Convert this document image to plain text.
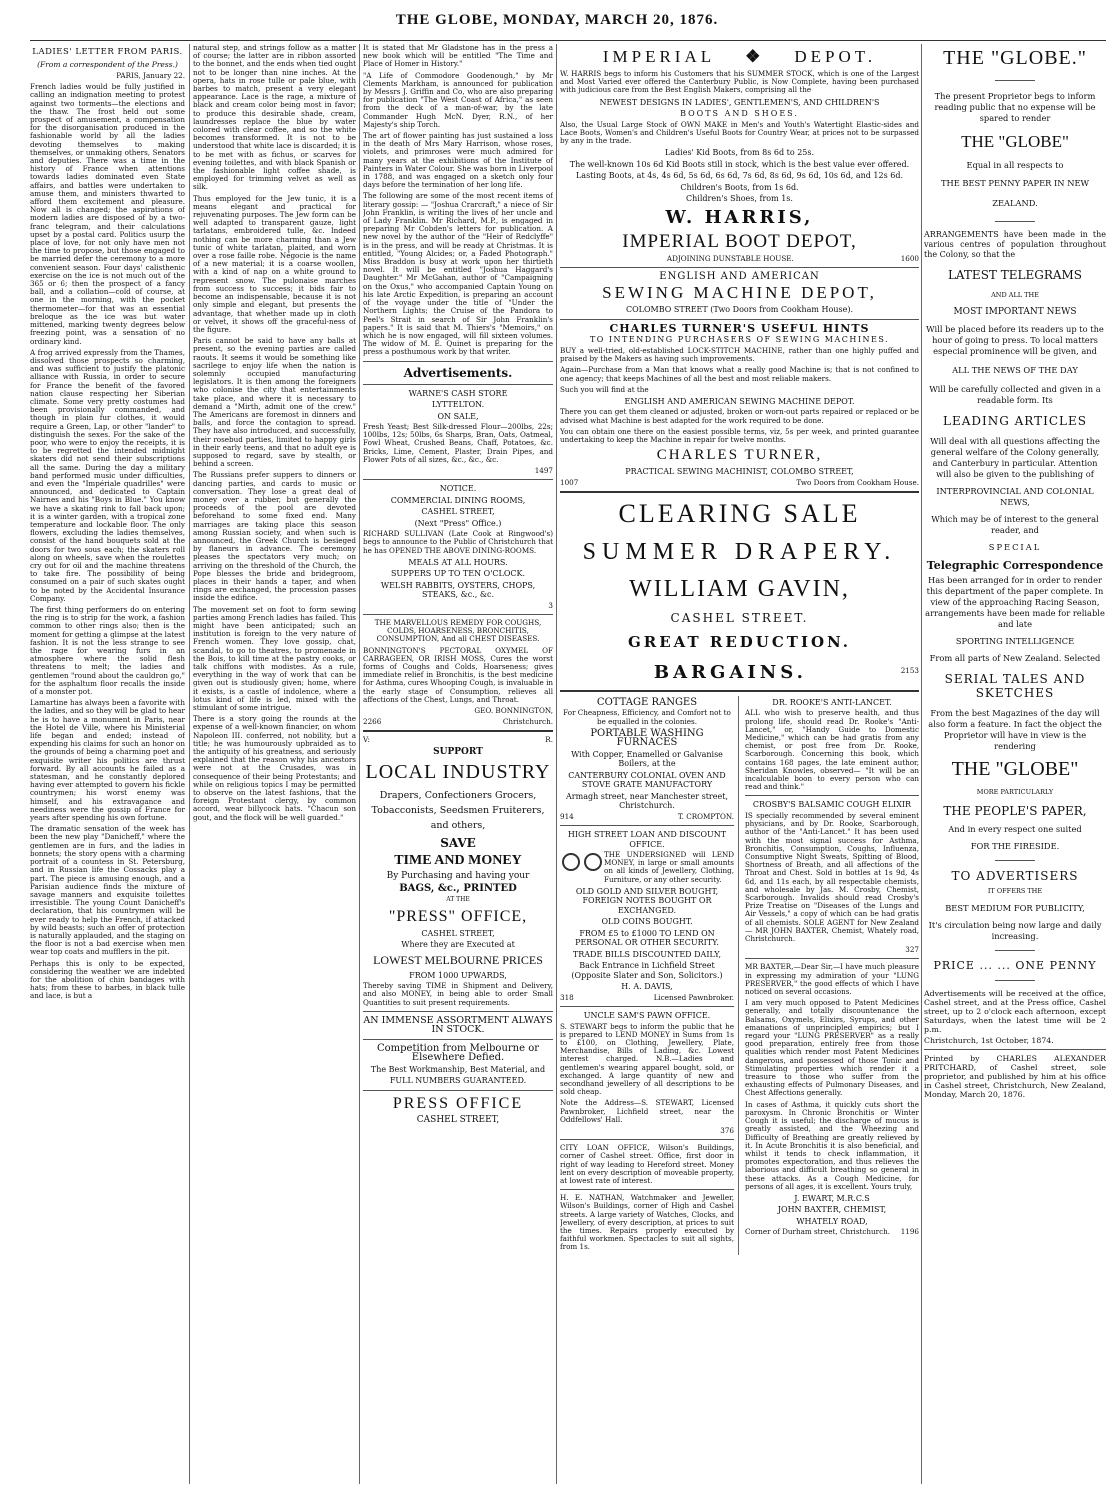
THE GLOBE, MONDAY, MARCH 20, 1876.
LADIES' LETTER FROM PARIS.
(From a correspondent of the Press.)
PARIS, January 22.

French ladies would be fully justified in calling an indignation meeting to protest against two torments—the elections and the thaw. The frost held out some prospect of amusement, a compensation for the disorganisation produced in the fashionable world by all the ladies devoting themselves to making themselves, or unmaking others, Senators and deputies. There was a time in the history of France when attentions towards ladies dominated even State affairs, and battles were undertaken to amuse them, and ministers thwarted to afford them excitement and pleasure. Now all is changed; the aspirations of modern ladies are disposed of by a two-franc telegram, and their calculations upset by a postal card. Politics usurp the place of love, for not only have men not the time to propose, but those engaged to be married defer the ceremony to a more convenient season. Four days' calisthenic exercise on the ice is not much out of the 365 or 6; then the prospect of a fancy ball, and a collation—cold of course, at one in the morning, with the pocket thermometer—for that was an essential breloque as the ice was but water mittened, marking twenty degrees below freezing point, was a sensation of no ordinary kind.

A frog arrived expressly from the Thames, dissolved those prospects so charming, and was sufficient to justify the platonic alliance with Russia, in order to secure for France the benefit of the favored nation clause respecting her Siberian climate. Some very pretty costumes had been provisionally commanded, and though in plain fur clothes, it would require a Green, Lap, or other "lander" to distinguish the sexes. For the sake of the poor, who were to enjoy the receipts, it is to be regretted the intended midnight skaters did not send their subscriptions all the same. During the day a military band performed music under difficulties, and even the "Impériale quadrilles" were announced, and dedicated to Captain Nairnes and his "Boys in Blue." You know we have a skating rink to fall back upon; it is a winter garden, with a tropical zone temperature and lockable floor. The only flowers, excluding the ladies themselves, consist of the hand bouquets sold at the doors for two sous each; the skaters roll along on wheels, save when the roulettes cry out for oil and the machine threatens to take fire. The possibility of being consumed on a pair of such skates ought to be noted by the Accidental Insurance Company.

The first thing performers do on entering the ring is to strip for the work, a fashion common to other rings also; then is the moment for getting a glimpse at the latest fashion. It is not the less strange to see the rage for wearing furs in an atmosphere where the solid flesh threatens to melt; the ladies and gentlemen "round about the cauldron go," for the asphaltum floor recalls the inside of a monster pot.

Lamartine has always been a favorite with the ladies, and so they will be glad to hear he is to have a monument in Paris, near the Hotel de Ville, where his Ministerial life began and ended; instead of expending his claims for such an honor on the grounds of being a charming poet and exquisite writer his politics are thrust forward. By all accounts he failed as a statesman, and he constantly deplored having ever attempted to govern his fickle countrymen; his worst enemy was himself, and his extravagance and neediness were the gossip of France for years after spending his own fortune.

The dramatic sensation of the week has been the new play "Danicheff," where the gentlemen are in furs, and the ladies in bonnets; the story opens with a charming portrait of a countess in St. Petersburg, and in Russian life the Cossacks play a part. The piece is amusing enough, and a Parisian audience finds the mixture of savage manners and exquisite toilettes irresistible. The young Count Danicheff's declaration, that his countrymen will be ever ready to help the French, if attacked by wild beasts; such an offer of protection is naturally applauded, and the staging on the floor is not a bad exercise when men wear top coats and mufflers in the pit.

Perhaps this is only to be expected, considering the weather we are indebted for the abolition of chin bandages with hats; from these to barbes, in black tulle and lace, is but a

natural step, and strings follow as a matter of course; the latter are in ribbon assorted to the bonnet, and the ends when tied ought not to be longer than nine inches. At the opera, hats in rose tulle or pale blue, with barbes to match, present a very elegant appearance. Lace is the rage, a mixture of black and cream color being most in favor; to produce this desirable shade, cream, laundresses replace the blue by water colored with clear coffee, and so the white becomes transformed. It is not to be understood that white lace is discarded; it is to be met with as fichus, or scarves for evening toilettes, and with black Spanish or the fashionable light coffee shade, is employed for trimming velvet as well as silk.

Thus employed for the Jew tunic, it is a means elegant and practical for rejuvenating purposes. The Jew form can be well adapted to transparent gauze, light tarlatans, embroidered tulle, &c. Indeed nothing can be more charming than a Jew tunic of white tarlatan, plaited, and worn over a rose faille robe. Négocie is the name of a new material; it is a coarse woollen, with a kind of nap on a white ground to represent snow. The pulonaise marches from success to success; it bids fair to become an indispensable, because it is not only simple and elegant, but presents the advantage, that whether made up in cloth or velvet, it shows off the graceful-ness of the figure.

Paris cannot be said to have any balls at present, so the evening parties are called raouts. It seems it would be something like sacrilege to enjoy life when the nation is solemnly occupied manufacturing legislators. It is then among the foreigners who colonise the city that entertainments take place, and where it is necessary to demand a "Mirth, admit one of the crew." The Americans are foremost in dinners and balls, and force the contagion to spread. They have also introduced, and successfully, their rosebud parties, limited to happy girls in their early teens, and that no adult eye is supposed to regard, save by stealth, or behind a screen.

The Russians prefer suppers to dinners or dancing parties, and cards to music or conversation. They lose a great deal of money over a rubber, but generally the proceeds of the pool are devoted beforehand to some fixed end. Many marriages are taking place this season among Russian society, and when such is announced, the Greek Church is besieged by flaneurs in advance. The ceremony pleases the spectators very much; on arriving on the threshold of the Church, the Pope blesses the bride and bridegroom, places in their hands a taper, and when rings are exchanged, the procession passes inside the edifice.

The movement set on foot to form sewing parties among French ladies has failed. This might have been anticipated; such an institution is foreign to the very nature of French women. They love gossip, chat, scandal, to go to theatres, to promenade in the Bois, to kill time at the pastry cooks, or talk chiffons with modistes. As a rule, everything in the way of work that can be given out is studiously given; home, where it exists, is a castle of indolence, where a lotus kind of life is led, mixed with the stimulant of some intrigue.

There is a story going the rounds at the expense of a well-known financier, on whom Napoleon III. conferred, not nobility, but a title; he was humourously upbraided as to the antiquity of his greatness, and seriously explained that the reason why his ancestors were not at the Crusades, was in consequence of their being Protestants; and while on religious topics I may be permitted to observe on the latest fashions, that the foreign Protestant clergy, by common accord, wear billycock hats. "Chacun son gout, and the flock will be well guarded."

It is stated that Mr Gladstone has in the press a new book which will be entitled "The Time and Place of Homer in History."

"A Life of Commodore Goodenough," by Mr Clements Markham, is announced for publication by Messrs J. Griffin and Co, who are also preparing for publication "The West Coast of Africa," as seen from the deck of a man-of-war, by the late Commander Hugh McN. Dyer, R.N., of her Majesty's ship Torch.

The art of flower painting has just sustained a loss in the death of Mrs Mary Harrison, whose roses, violets, and primroses were much admired for many years at the exhibitions of the Institute of Painters in Water Colour. She was born in Liverpool in 1788, and was engaged on a sketch only four days before the termination of her long life.

The following are some of the most recent items of literary gossip: — "Joshua Crarcraft," a niece of Sir John Franklin, is writing the lives of her uncle and of Lady Franklin. Mr Richard, M.P., is engaged in preparing Mr Cobden's letters for publication. A new novel by the author of the "Heir of Redclyffe" is in the press, and will be ready at Christmas. It is entitled, "Young Alcides; or, a Faded Photograph." Miss Braddon is busy at work upon her thirtieth novel. It will be entitled "Joshua Haggard's Daughter." Mr McGahan, author of "Campaigning on the Oxus," who accompanied Captain Young on his late Arctic Expedition, is preparing an account of the voyage under the title of "Under the Northern Lights; the Cruise of the Pandora to Peel's Strait in search of Sir John Franklin's papers." It is said that M. Thiers's "Memoirs," on which he is now engaged, will fill sixteen volumes. The widow of M. E. Quinet is preparing for the press a posthumous work by that writer.

Advertisements.
WARNE'S CASH STORE
LYTTELTON.
ON SALE,

Fresh Yeast; Best Silk-dressed Flour—200lbs, 22s; 100lbs, 12s; 50lbs, 6s Sharps, Bran, Oats, Oatmeal, Fowl Wheat, Crushed Beans, Chaff, Potatoes, &c. Bricks, Lime, Cement, Plaster, Drain Pipes, and Flower Pots of all sizes, &c., &c., &c.

1497
NOTICE.
COMMERCIAL DINING ROOMS,
CASHEL STREET,
(Next "Press" Office.)

RICHARD SULLIVAN (Late Cook at Ringwood's) begs to announce to the Public of Christchurch that he has OPENED THE ABOVE DINING-ROOMS.

MEALS AT ALL HOURS.
SUPPERS UP TO TEN O'CLOCK.
WELSH RABBITS, OYSTERS, CHOPS, STEAKS, &c., &c.
3

THE MARVELLOUS REMEDY FOR COUGHS, COLDS, HOARSENESS, BRONCHITIS, CONSUMPTION, And all CHEST DISEASES.

BONNINGTON'S PECTORAL OXYMEL OF CARRAGEEN, OR IRISH MOSS, Cures the worst forms of Coughs and Colds, Hoarseness; gives immediate relief in Bronchitis, is the best medicine for Asthma, cures Whooping Cough, is invaluable in the early stage of Consumption, relieves all affections of the Chest, Lungs, and Throat.

GEO. BONNINGTON,
2266	Christchurch.
V:	R.
SUPPORT
LOCAL INDUSTRY
Drapers, Confectioners Grocers, Tobacconists, Seedsmen Fruiterers, and others,
SAVE
TIME AND MONEY
By Purchasing and having your
BAGS, &c., PRINTED
AT THE
"PRESS" OFFICE,
CASHEL STREET,
Where they are Executed at
LOWEST MELBOURNE PRICES
FROM 1000 UPWARDS,

Thereby saving TIME in Shipment and Delivery, and also MONEY, in being able to order Small Quantities to suit present requirements.

AN IMMENSE ASSORTMENT ALWAYS IN STOCK.
Competition from Melbourne or Elsewhere Defied.
The Best Workmanship, Best Material, and
FULL NUMBERS GUARANTEED.
PRESS OFFICE
CASHEL STREET,
IMPERIAL ❖ DEPOT.

W. HARRIS begs to inform his Customers that his SUMMER STOCK, which is one of the Largest and Most Varied ever offered the Canterbury Public, is Now Complete, having been purchased with judicious care from the Best English Makers, comprising all the

NEWEST DESIGNS IN LADIES', GENTLEMEN'S, AND CHILDREN'S
BOOTS AND SHOES.

Also, the Usual Large Stock of OWN MAKE in Men's and Youth's Watertight Elastic-sides and Lace Boots, Women's and Children's Useful Boots for Country Wear, at prices not to be surpassed by any in the trade.

Ladies' Kid Boots, from 8s 6d to 25s.
The well-known 10s 6d Kid Boots still in stock, which is the best value ever offered.
Lasting Boots, at 4s, 4s 6d, 5s 6d, 6s 6d, 7s 6d, 8s 6d, 9s 6d, 10s 6d, and 12s 6d.
Children's Boots, from 1s 6d.
Children's Shoes, from 1s.
W. HARRIS,
IMPERIAL BOOT DEPOT,
ADJOINING DUNSTABLE HOUSE.	1600
ENGLISH AND AMERICAN
SEWING MACHINE DEPOT,
COLOMBO STREET (Two Doors from Cookham House).
CHARLES TURNER'S USEFUL HINTS
TO INTENDING PURCHASERS OF SEWING MACHINES.

BUY a well-tried, old-established LOCK-STITCH MACHINE, rather than one highly puffed and praised by the Makers as having such improvements.

Again—Purchase from a Man that knows what a really good Machine is; that is not confined to one agency; that keeps Machines of all the best and most reliable makers.

Such you will find at the
ENGLISH AND AMERICAN SEWING MACHINE DEPOT.

There you can get them cleaned or adjusted, broken or worn-out parts repaired or replaced or be advised what Machine is best adapted for the work required to be done.

You can obtain one there on the easiest possible terms, viz, 5s per week, and printed guarantee undertaking to keep the Machine in repair for twelve months.

CHARLES TURNER,
PRACTICAL SEWING MACHINIST, COLOMBO STREET,
1007	Two Doors from Cookham House.
CLEARING SALE
SUMMER DRAPERY.
WILLIAM GAVIN,
CASHEL STREET.
GREAT REDUCTION.
BARGAINS.	2153
COTTAGE RANGES

For Cheapness, Efficiency, and Comfort not to be equalled in the colonies.

PORTABLE WASHING FURNACES
With Copper, Enamelled or Galvanise Boilers, at the
CANTERBURY COLONIAL OVEN AND STOVE GRATE MANUFACTORY
Armagh street, near Manchester street, Christchurch.
914	T. CROMPTON.
HIGH STREET LOAN AND DISCOUNT OFFICE.

THE UNDERSIGNED will LEND MONEY, in large or small amounts on all kinds of Jewellery, Clothing, Furniture, or any other security.

OLD GOLD AND SILVER BOUGHT, FOREIGN NOTES BOUGHT OR EXCHANGED.
OLD COINS BOUGHT.
FROM £5 to £1000 TO LEND ON PERSONAL OR OTHER SECURITY.
TRADE BILLS DISCOUNTED DAILY,
Back Entrance in Lichfield Street (Opposite Slater and Son, Solicitors.)
H. A. DAVIS,
318	Licensed Pawnbroker.
UNCLE SAM'S PAWN OFFICE.

S. STEWART begs to inform the public that he is prepared to LEND MONEY in Sums from 1s to £100, on Clothing, Jewellery, Plate, Merchandise, Bills of Lading, &c. Lowest interest charged. N.B.—Ladies and gentlemen's wearing apparel bought, sold, or exchanged. A large quantity of new and secondhand jewellery of all descriptions to be sold cheap.

Note the Address—S. STEWART, Licensed Pawnbroker, Lichfield street, near the Oddfellows' Hall.

376

CITY LOAN OFFICE, Wilson's Buildings, corner of Cashel street. Office, first door in right of way leading to Hereford street. Money lent on every description of moveable property, at lowest rate of interest.

H. E. NATHAN, Watchmaker and Jeweller, Wilson's Buildings, corner of High and Cashel streets. A large variety of Watches, Clocks, and Jewellery, of every description, at prices to suit the times. Repairs properly executed by faithful workmen. Spectacles to suit all sights, from 1s.

DR. ROOKE'S ANTI-LANCET.

ALL who wish to preserve health, and thus prolong life, should read Dr. Rooke's "Anti-Lancet," or, "Handy Guide to Domestic Medicine," which can be had gratis from any chemist, or post free from Dr. Rooke, Scarborough. Concerning this book, which contains 168 pages, the late eminent author, Sheridan Knowles, observed— "It will be an incalculable boon to every person who can read and think."

CROSBY'S BALSAMIC COUGH ELIXIR

IS specially recommended by several eminent physicians, and by Dr. Rooke, Scarborough, author of the "Anti-Lancet." It has been used with the most signal success for Asthma, Bronchitis, Consumption, Coughs, Influenza, Consumptive Night Sweats, Spitting of Blood, Shortness of Breath, and all affections of the Throat and Chest. Sold in bottles at 1s 9d, 4s 6d, and 11s each, by all respectable chemists, and wholesale by Jas. M. Crosby, Chemist, Scarborough. Invalids should read Crosby's Prize Treatise on "Diseases of the Lungs and Air Vessels," a copy of which can be had gratis of all chemists. SOLE AGENT for New Zealand — MR JOHN BAXTER, Chemist, Whately road, Christchurch.

327

MR BAXTER,—Dear Sir,—I have much pleasure in expressing my admiration of your "LUNG PRESERVER," the good effects of which I have noticed on several occasions.

I am very much opposed to Patent Medicines generally, and totally discountenance the Balsams, Oxymels, Elixirs, Syrups, and other emanations of unprincipled empirics; but I regard your "LUNG PRESERVER" as a really good preparation, entirely free from those qualities which render most Patent Medicines dangerous, and possessed of those Tonic and Stimulating properties which render it a treasure to those who suffer from the exhausting effects of Pulmonary Diseases, and Chest Affections generally.

In cases of Asthma, it quickly cuts short the paroxysm. In Chronic Bronchitis or Winter Cough it is useful; the discharge of mucus is greatly assisted, and the Wheezing and Difficulty of Breathing are greatly relieved by it. In Acute Bronchitis it is also beneficial, and whilst it tends to check inflammation, it promotes expectoration, and thus relieves the laborious and difficult breathing so general in these attacks. As a Cough Medicine, for persons of all ages, it is excellent. Yours truly,

J. EWART, M.R.C.S
JOHN BAXTER, CHEMIST,
WHATELY ROAD,
Corner of Durham street, Christchurch. 1196
THE "GLOBE."
The present Proprietor begs to inform reading public that no expense will be spared to render
THE "GLOBE"
Equal in all respects to
THE BEST PENNY PAPER IN NEW ZEALAND.

ARRANGEMENTS have been made in the various centres of population throughout the Colony, so that the

LATEST TELEGRAMS
AND ALL THE
MOST IMPORTANT NEWS
Will be placed before its readers up to the hour of going to press. To local matters especial prominence will be given, and
ALL THE NEWS OF THE DAY
Will be carefully collected and given in a readable form. Its
LEADING ARTICLES
Will deal with all questions affecting the general welfare of the Colony generally, and Canterbury in particular. Attention will also be given to the publishing of
INTERPROVINCIAL AND COLONIAL NEWS,
Which may be of interest to the general reader, and
SPECIAL
Telegraphic Correspondence
Has been arranged for in order to render this department of the paper complete. In view of the approaching Racing Season, arrangements have been made for reliable and late
SPORTING INTELLIGENCE
From all parts of New Zealand. Selected
SERIAL TALES AND SKETCHES
From the best Magazines of the day will also form a feature. In fact the object the Proprietor will have in view is the rendering
THE "GLOBE"
MORE PARTICULARLY
THE PEOPLE'S PAPER,
And in every respect one suited
FOR THE FIRESIDE.
TO ADVERTISERS
IT OFFERS THE
BEST MEDIUM FOR PUBLICITY,
It's circulation being now large and daily increasing.
PRICE ... ... ONE PENNY

Advertisements will be received at the office, Cashel street, and at the Press office, Cashel street, up to 2 o'clock each afternoon, except Saturdays, when the latest time will be 2 p.m.

Christchurch, 1st October, 1874.

Printed by CHARLES ALEXANDER PRITCHARD, of Cashel street, sole proprietor, and published by him at his office in Cashel street, Christchurch, New Zealand, Monday, March 20, 1876.
